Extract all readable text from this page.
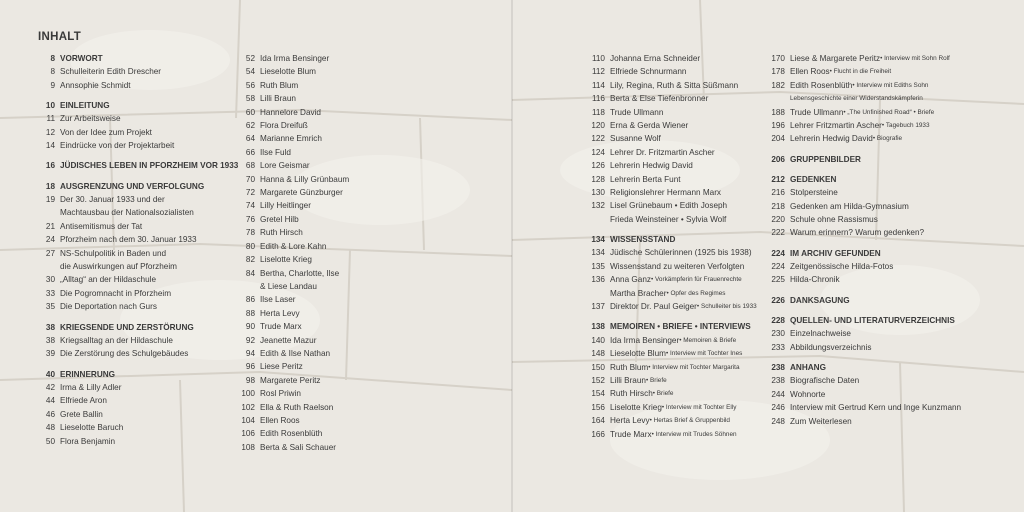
INHALT
8 VORWORT
8 Schulleiterin Edith Drescher
9 Annsophie Schmidt
10 EINLEITUNG
11 Zur Arbeitsweise
12 Von der Idee zum Projekt
14 Eindrücke von der Projektarbeit
16 JÜDISCHES LEBEN IN PFORZHEIM VOR 1933
18 AUSGRENZUNG UND VERFOLGUNG
19 Der 30. Januar 1933 und der
Machtausbau der Nationalsozialisten
21 Antisemitismus der Tat
24 Pforzheim nach dem 30. Januar 1933
27 NS-Schulpolitik in Baden und
die Auswirkungen auf Pforzheim
30 „Alltag“ an der Hildaschule
33 Die Pogromnacht in Pforzheim
35 Die Deportation nach Gurs
38 KRIEGSENDE UND ZERSTÖRUNG
38 Kriegsalltag an der Hildaschule
39 Die Zerstörung des Schulgebäudes
40 ERINNERUNG
42 Irma & Lilly Adler
44 Elfriede Aron
46 Grete Ballin
48 Lieselotte Baruch
50 Flora Benjamin
52 Ida Irma Bensinger
54 Lieselotte Blum
56 Ruth Blum
58 Lilli Braun
60 Hannelore David
62 Flora Dreifuß
64 Marianne Emrich
66 Ilse Fuld
68 Lore Geismar
70 Hanna & Lilly Grünbaum
72 Margarete Günzburger
74 Lilly Heitlinger
76 Gretel Hilb
78 Ruth Hirsch
80 Edith & Lore Kahn
82 Liselotte Krieg
84 Bertha, Charlotte, Ilse
& Liese Landau
86 Ilse Laser
88 Herta Levy
90 Trude Marx
92 Jeanette Mazur
94 Edith & Ilse Nathan
96 Liese Peritz
98 Margarete Peritz
100 Rosl Priwin
102 Ella & Ruth Raelson
104 Ellen Roos
106 Edith Rosenblüth
108 Berta & Sali Schauer
110 Johanna Erna Schneider
112 Elfriede Schnurmann
114 Lily, Regina, Ruth & Sitta Süßmann
116 Berta & Else Tiefenbronner
118 Trude Ullmann
120 Erna & Gerda Wiener
122 Susanne Wolf
124 Lehrer Dr. Fritzmartin Ascher
126 Lehrerin Hedwig David
128 Lehrerin Berta Funt
130 Religionslehrer Hermann Marx
132 Lisel Grünebaum • Edith Joseph
Frieda Weinsteiner • Sylvia Wolf
134 WISSENSSTAND
134 Jüdische Schülerinnen (1925 bis 1938)
135 Wissensstand zu weiteren Verfolgten
136 Anna Ganz • Vorkämpferin für Frauenrechte
Martha Bracher • Opfer des Regimes
137 Direktor Dr. Paul Geiger • Schulleiter bis 1933
138 MEMOIREN • BRIEFE • INTERVIEWS
140 Ida Irma Bensinger • Memoiren & Briefe
148 Lieselotte Blum • Interview mit Tochter Ines
150 Ruth Blum • Interview mit Tochter Margarita
152 Lilli Braun • Briefe
154 Ruth Hirsch • Briefe
156 Liselotte Krieg • Interview mit Tochter Elly
164 Herta Levy • Hertas Brief & Gruppenbild
166 Trude Marx • Interview mit Trudes Söhnen
170 Liese & Margarete Peritz • Interview mit Sohn Rolf
178 Ellen Roos • Flucht in die Freiheit
182 Edith Rosenblüth • Interview mit Ediths Sohn
Lebensgeschichte einer Widerstandskämpferin
188 Trude Ullmann • „The Unfinished Road“ • Briefe
196 Lehrer Fritzmartin Ascher • Tagebuch 1933
204 Lehrerin Hedwig David • Biografie
206 GRUPPENBILDER
212 GEDENKEN
216 Stolpersteine
218 Gedenken am Hilda-Gymnasium
220 Schule ohne Rassismus
222 Warum erinnern? Warum gedenken?
224 IM ARCHIV GEFUNDEN
224 Zeitgenössische Hilda-Fotos
225 Hilda-Chronik
226 DANKSAGUNG
228 QUELLEN- UND LITERATURVERZEICHNIS
230 Einzelnachweise
233 Abbildungsverzeichnis
238 ANHANG
238 Biografische Daten
244 Wohnorte
246 Interview mit Gertrud Kern und Inge Kunzmann
248 Zum Weiterlesen
